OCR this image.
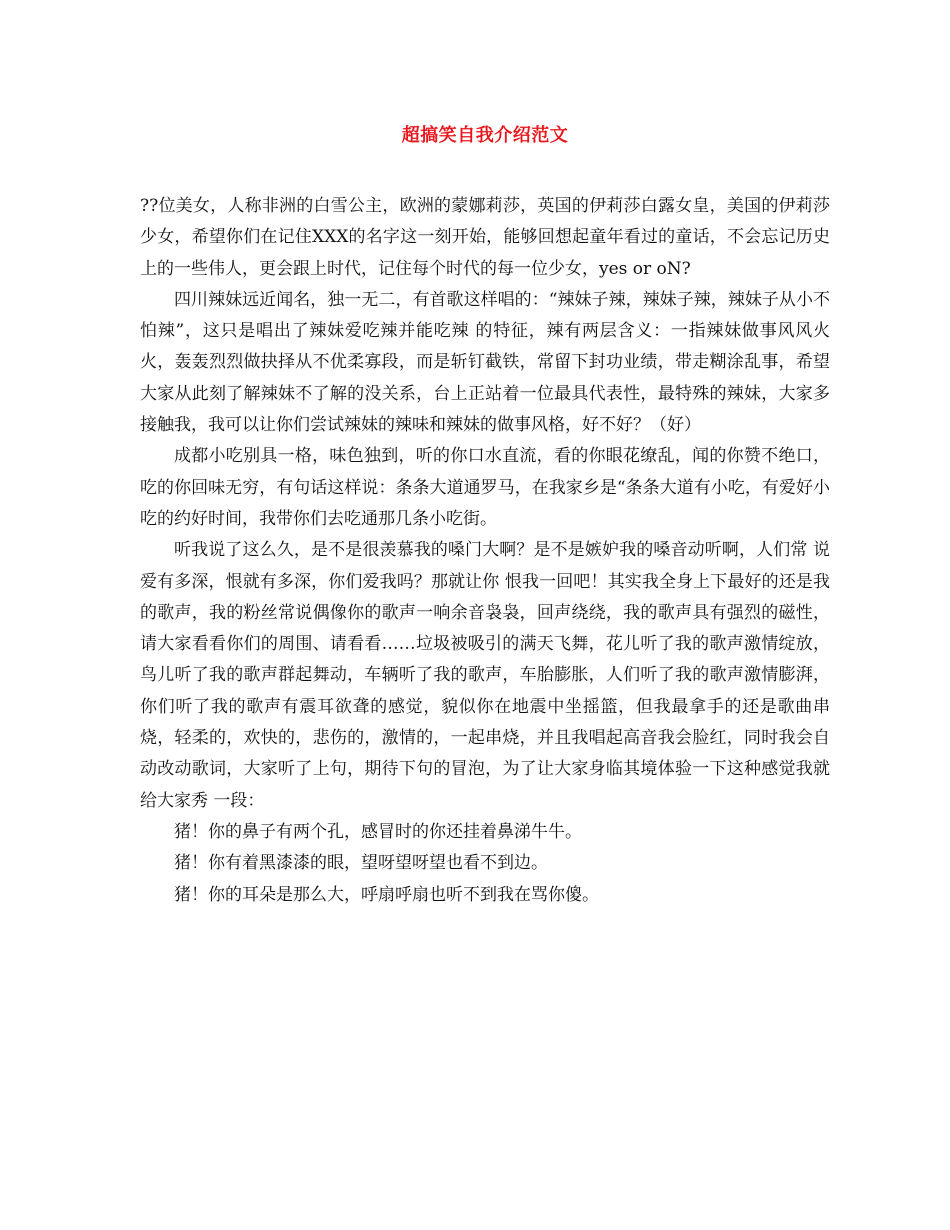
超搞笑自我介绍范文

??位美女，人称非洲的白雪公主，欧洲的蒙娜莉莎，英国的伊莉莎白露女皇，美国的伊莉莎少女，希望你们在记住XXX的名字这一刻开始，能够回想起童年看过的童话，不会忘记历史上的一些伟人，更会跟上时代，记住每个时代的每一位少女，yes or oN?

四川辣妹远近闻名，独一无二，有首歌这样唱的：“辣妹子辣，辣妹子辣，辣妹子从小不怕辣”，这只是唱出了辣妹爱吃辣并能吃辣 的特征，辣有两层含义：一指辣妹做事风风火火，轰轰烈烈做抉择从不优柔寡段，而是斩钉截铁，常留下封功业绩，带走糊涂乱事，希望大家从此刻了解辣妹不了解的没关系，台上正站着一位最具代表性，最特殊的辣妹，大家多接触我，我可以让你们尝试辣妹的辣味和辣妹的做事风格，好不好？（好）

成都小吃别具一格，味色独到，听的你口水直流，看的你眼花缭乱，闻的你赞不绝口，吃的你回味无穷，有句话这样说：条条大道通罗马，在我家乡是“条条大道有小吃，有爱好小吃的约好时间，我带你们去吃通那几条小吃街。

听我说了这么久，是不是很羡慕我的嗓门大啊？是不是嫉妒我的嗓音动听啊，人们常 说爱有多深，恨就有多深，你们爱我吗？那就让你 恨我一回吧！其实我全身上下最好的还是我的歌声，我的粉丝常说偶像你的歌声一响余音袅袅，回声绕绕，我的歌声具有强烈的磁性，请大家看看你们的周围、请看看……垃圾被吸引的满天飞舞，花儿听了我的歌声激情绽放，鸟儿听了我的歌声群起舞动，车辆听了我的歌声，车胎膨胀，人们听了我的歌声激情膨湃，你们听了我的歌声有震耳欲聋的感觉，貌似你在地震中坐摇篮，但我最拿手的还是歌曲串烧，轻柔的，欢快的，悲伤的，激情的，一起串烧，并且我唱起高音我会脸红，同时我会自动改动歌词，大家听了上句，期待下句的冒泡，为了让大家身临其境体验一下这种感觉我就给大家秀 一段：

猪！你的鼻子有两个孔，感冒时的你还挂着鼻涕牛牛。

猪！你有着黑漆漆的眼，望呀望呀望也看不到边。

猪！你的耳朵是那么大，呼扇呼扇也听不到我在骂你傻。
